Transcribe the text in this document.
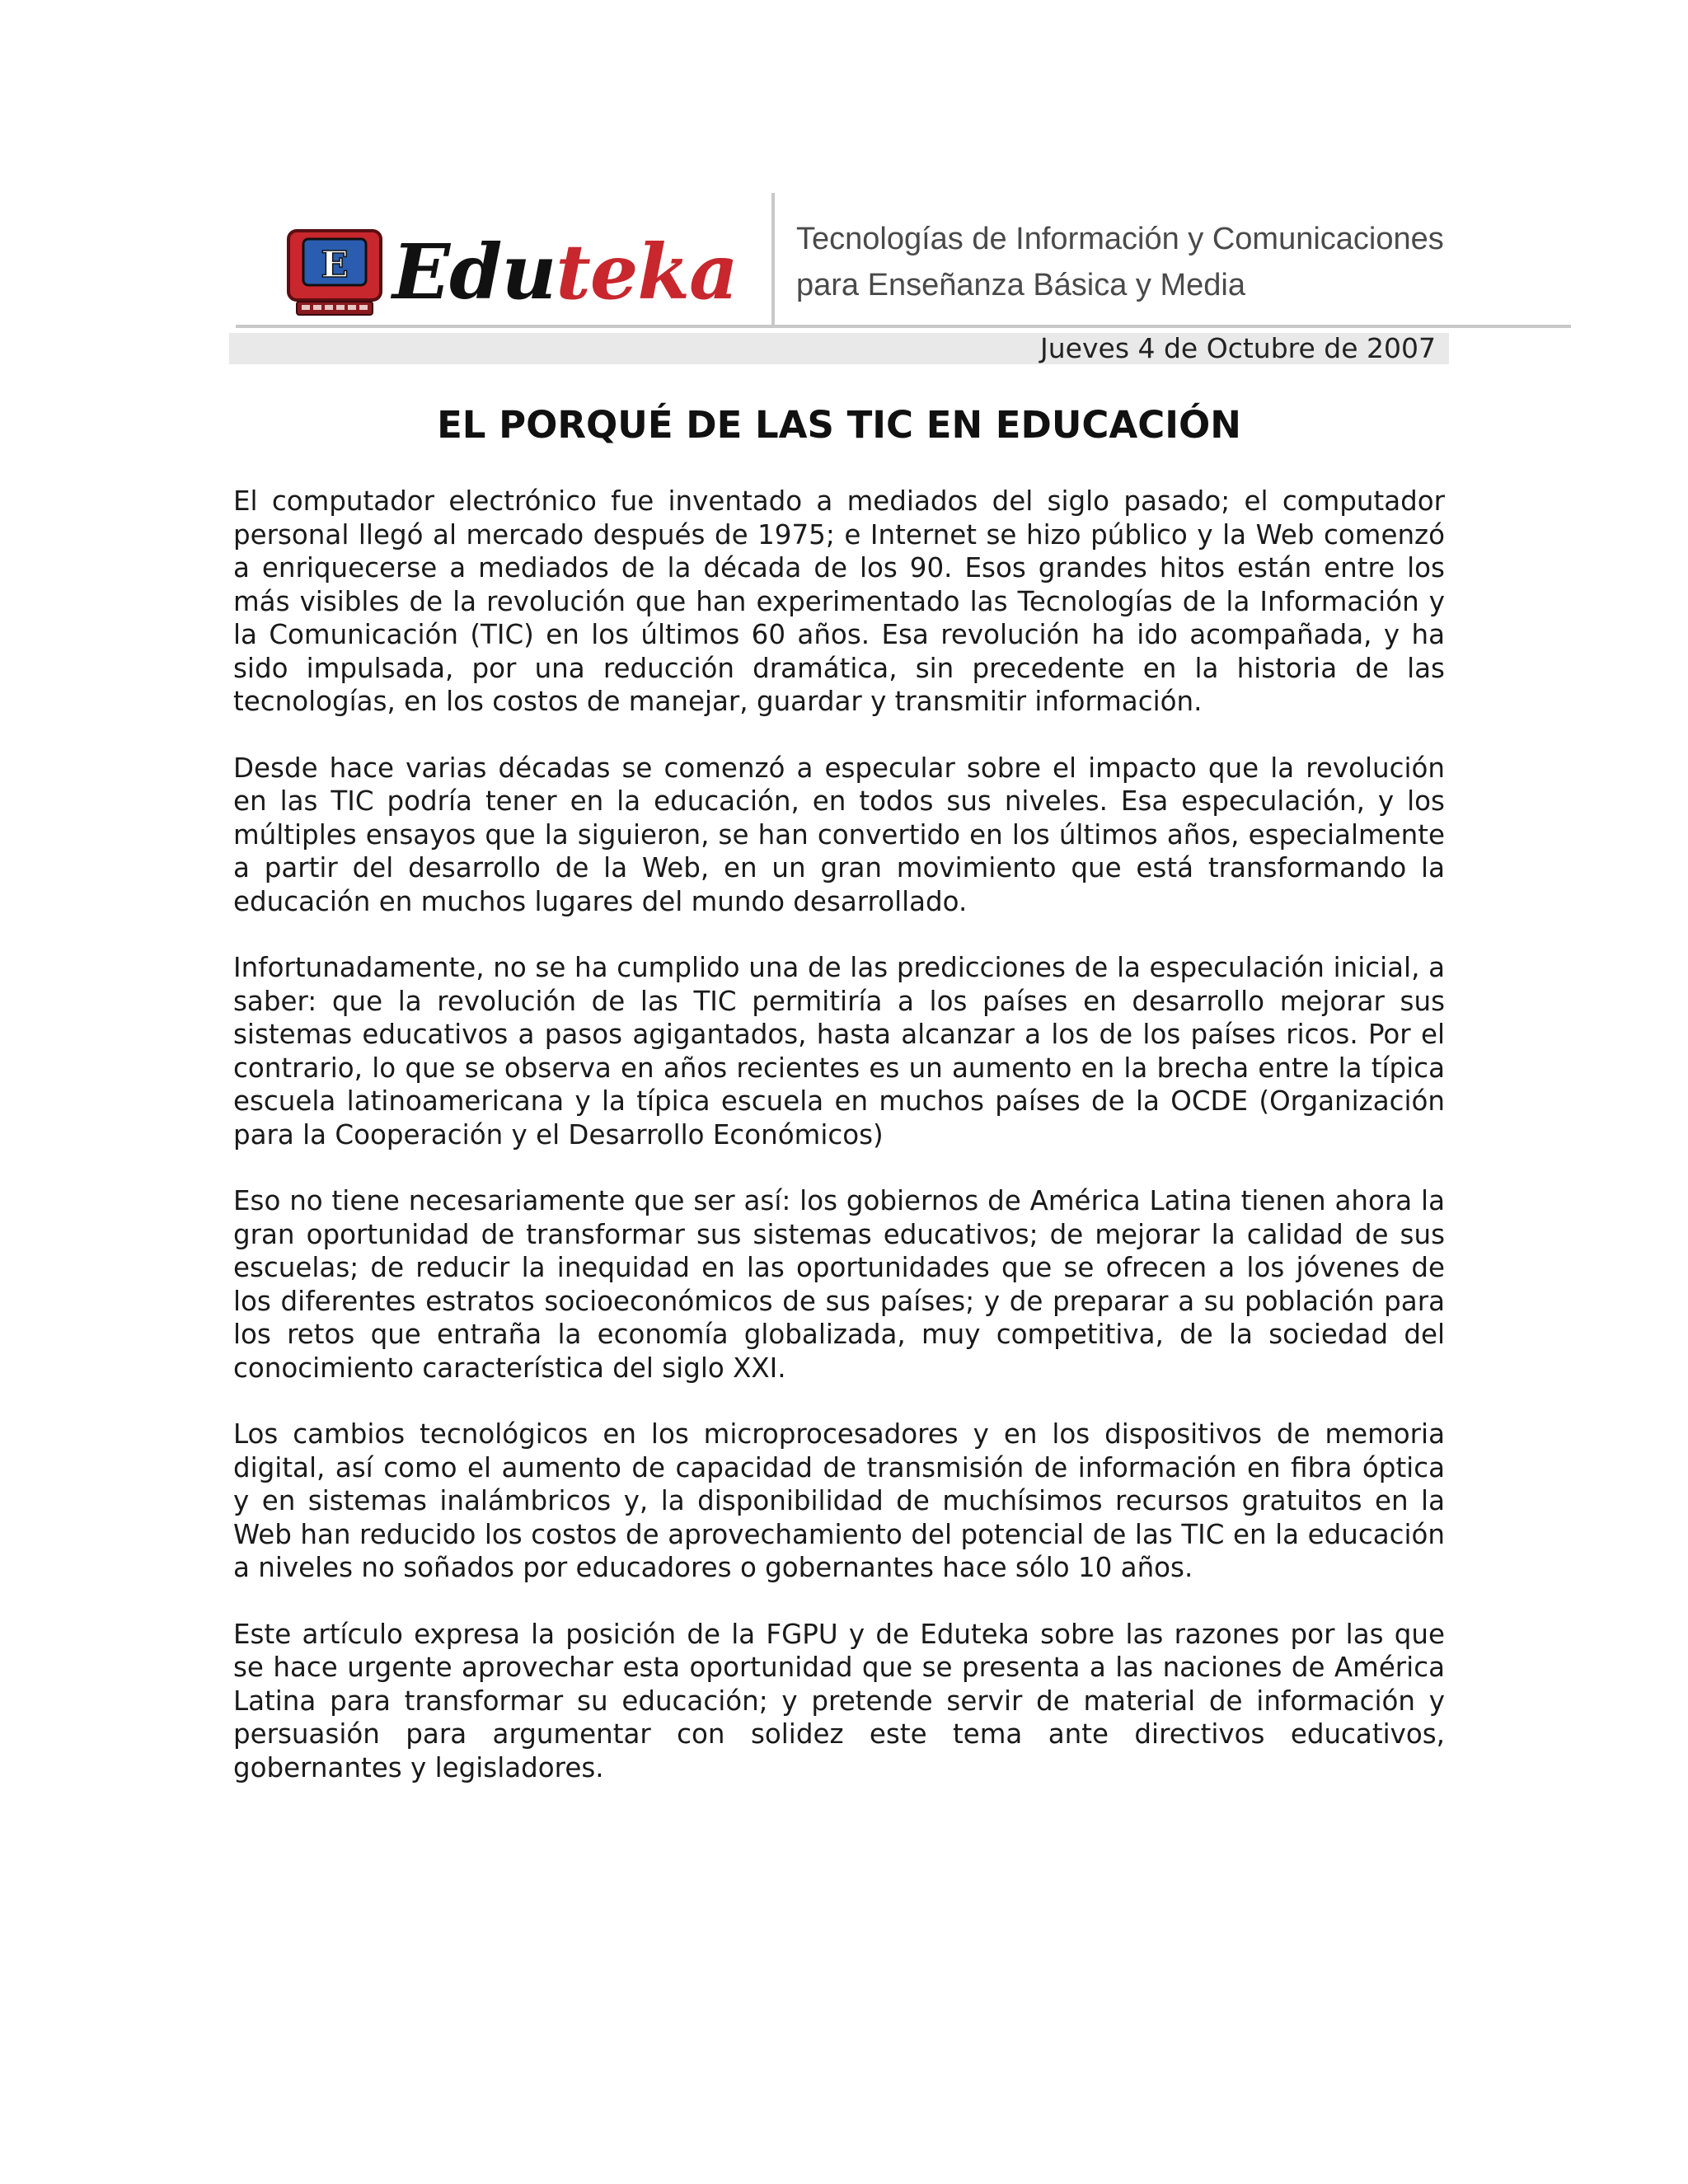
E Eduteka Tecnologías de Información y Comunicaciones
para Enseñanza Básica y Media
Jueves 4 de Octubre de 2007
EL PORQUÉ DE LAS TIC EN EDUCACIÓN

El computador electrónico fue inventado a mediados del siglo pasado; el computador personal llegó al mercado después de 1975; e Internet se hizo público y la Web comenzó a enriquecerse a mediados de la década de los 90. Esos grandes hitos están entre los más visibles de la revolución que han experimentado las Tecnologías de la Información y la Comunicación (TIC) en los últimos 60 años. Esa revolución ha ido acompañada, y ha sido impulsada, por una reducción dramática, sin precedente en la historia de las tecnologías, en los costos de manejar, guardar y transmitir información.

Desde hace varias décadas se comenzó a especular sobre el impacto que la revolución en las TIC podría tener en la educación, en todos sus niveles. Esa especulación, y los múltiples ensayos que la siguieron, se han convertido en los últimos años, especialmente a partir del desarrollo de la Web, en un gran movimiento que está transformando la educación en muchos lugares del mundo desarrollado.

Infortunadamente, no se ha cumplido una de las predicciones de la especulación inicial, a saber: que la revolución de las TIC permitiría a los países en desarrollo mejorar sus sistemas educativos a pasos agigantados, hasta alcanzar a los de los países ricos. Por el contrario, lo que se observa en años recientes es un aumento en la brecha entre la típica escuela latinoamericana y la típica escuela en muchos países de la OCDE (Organización para la Cooperación y el Desarrollo Económicos)

Eso no tiene necesariamente que ser así: los gobiernos de América Latina tienen ahora la gran oportunidad de transformar sus sistemas educativos; de mejorar la calidad de sus escuelas; de reducir la inequidad en las oportunidades que se ofrecen a los jóvenes de los diferentes estratos socioeconómicos de sus países; y de preparar a su población para los retos que entraña la economía globalizada, muy competitiva, de la sociedad del conocimiento característica del siglo XXI.

Los cambios tecnológicos en los microprocesadores y en los dispositivos de memoria digital, así como el aumento de capacidad de transmisión de información en fibra óptica y en sistemas inalámbricos y, la disponibilidad de muchísimos recursos gratuitos en la Web han reducido los costos de aprovechamiento del potencial de las TIC en la educación a niveles no soñados por educadores o gobernantes hace sólo 10 años.

Este artículo expresa la posición de la FGPU y de Eduteka sobre las razones por las que se hace urgente aprovechar esta oportunidad que se presenta a las naciones de América Latina para transformar su educación; y pretende servir de material de información y persuasión para argumentar con solidez este tema ante directivos educativos, gobernantes y legisladores.
